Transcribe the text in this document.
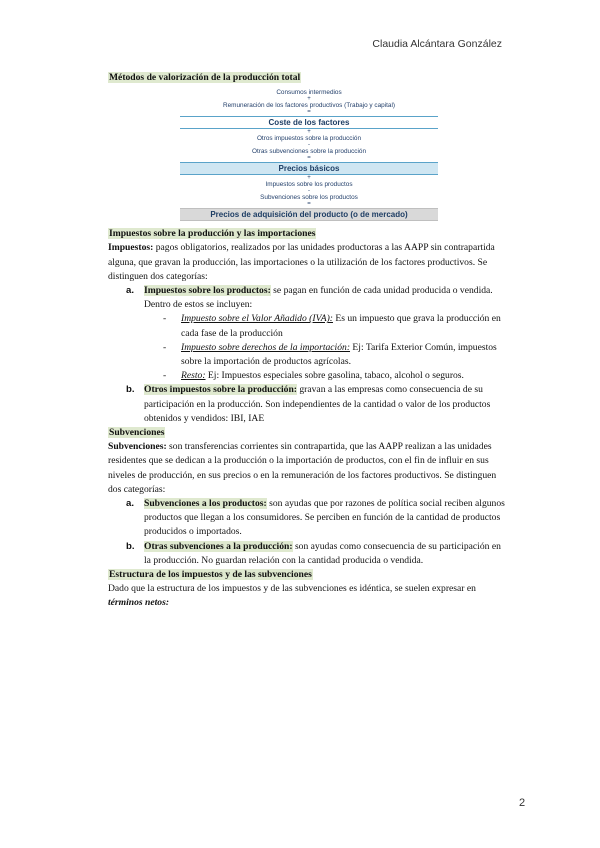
Claudia Alcántara González

Métodos de valorización de la producción total

Consumos intermedios
+
Remuneración de los factores productivos (Trabajo y capital)
=
Coste de los factores
+
Otros impuestos sobre la producción
-
Otras subvenciones sobre la producción
=
Precios básicos
+
Impuestos sobre los productos
-
Subvenciones sobre los productos
=
Precios de adquisición del producto (o de mercado)

Impuestos sobre la producción y las importaciones

Impuestos: pagos obligatorios, realizados por las unidades productoras a las AAPP sin contrapartida alguna, que gravan la producción, las importaciones o la utilización de los factores productivos. Se distinguen dos categorías:

a. Impuestos sobre los productos: se pagan en función de cada unidad producida o vendida. Dentro de estos se incluyen:
- Impuesto sobre el Valor Añadido (IVA): Es un impuesto que grava la producción en cada fase de la producción
- Impuesto sobre derechos de la importación: Ej: Tarifa Exterior Común, impuestos sobre la importación de productos agrícolas.
- Resto: Ej: Impuestos especiales sobre gasolina, tabaco, alcohol o seguros.
b. Otros impuestos sobre la producción: gravan a las empresas como consecuencia de su participación en la producción. Son independientes de la cantidad o valor de los productos obtenidos y vendidos: IBI, IAE

Subvenciones

Subvenciones: son transferencias corrientes sin contrapartida, que las AAPP realizan a las unidades residentes que se dedican a la producción o la importación de productos, con el fin de influir en sus niveles de producción, en sus precios o en la remuneración de los factores productivos. Se distinguen dos categorías:

a. Subvenciones a los productos: son ayudas que por razones de política social reciben algunos productos que llegan a los consumidores. Se perciben en función de la cantidad de productos producidos o importados.
b. Otras subvenciones a la producción: son ayudas como consecuencia de su participación en la producción. No guardan relación con la cantidad producida o vendida.

Estructura de los impuestos y de las subvenciones

Dado que la estructura de los impuestos y de las subvenciones es idéntica, se suelen expresar en términos netos:

2
